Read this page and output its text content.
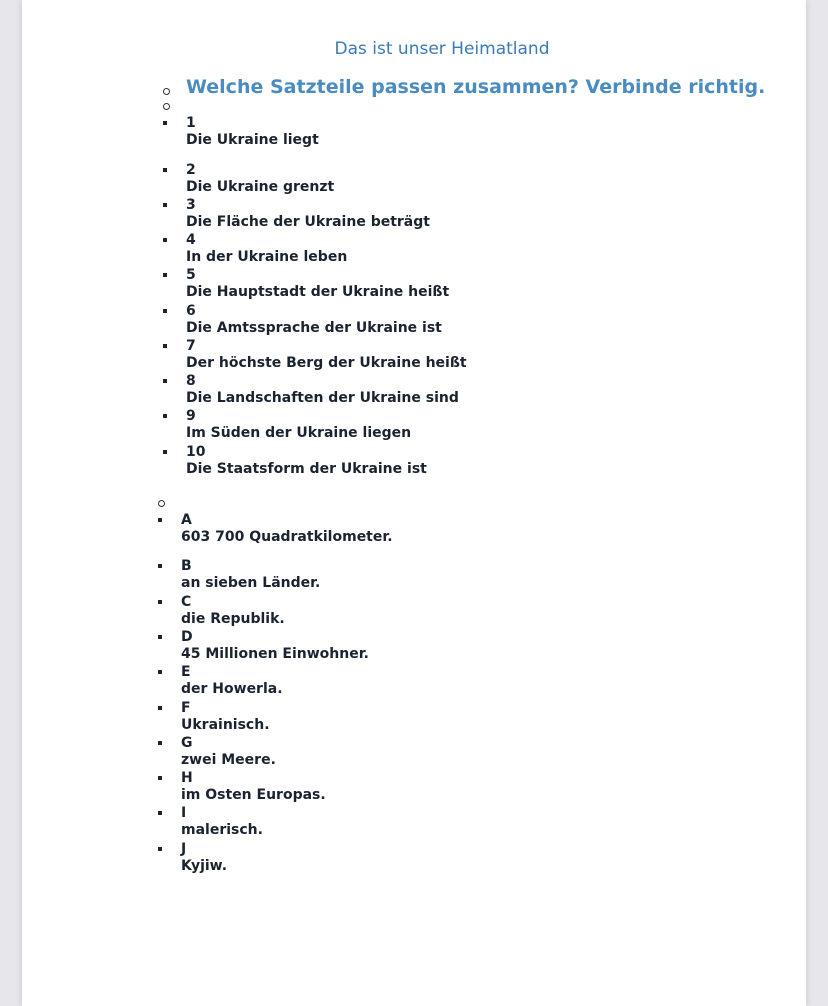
Das ist unser Heimatland
Welche Satzteile passen zusammen? Verbinde richtig.
1
Die Ukraine liegt
2
Die Ukraine grenzt
3
Die Fläche der Ukraine beträgt
4
In der Ukraine leben
5
Die Hauptstadt der Ukraine heißt
6
Die Amtssprache der Ukraine ist
7
Der höchste Berg der Ukraine heißt
8
Die Landschaften der Ukraine sind
9
Im Süden der Ukraine liegen
10
Die Staatsform der Ukraine ist
A
603 700 Quadratkilometer.
B
an sieben Länder.
C
die Republik.
D
45 Millionen Einwohner.
E
der Howerla.
F
Ukrainisch.
G
zwei Meere.
H
im Osten Europas.
I
malerisch.
J
Kyjiw.
